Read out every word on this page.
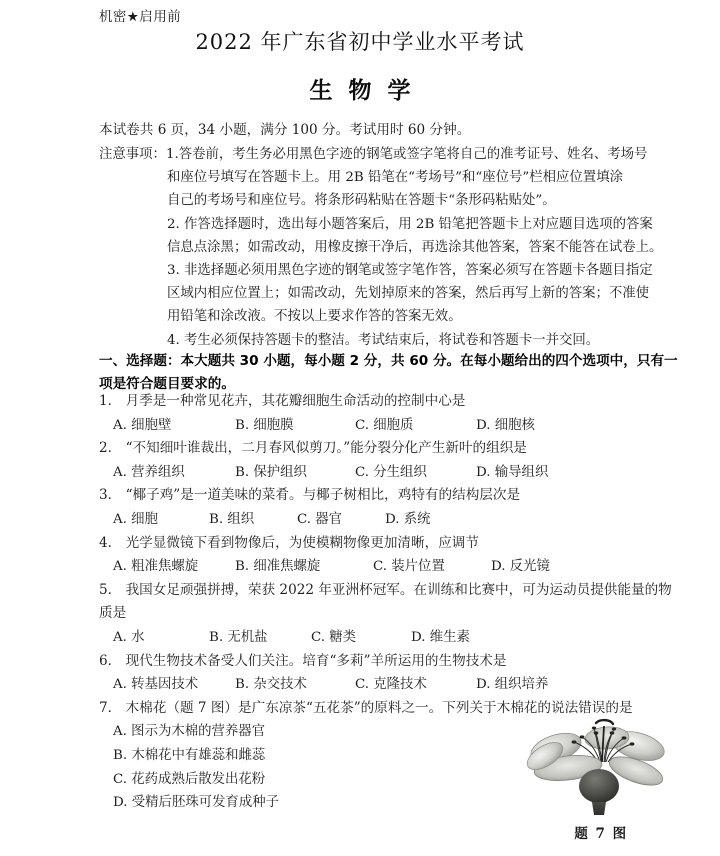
机密★启用前
2022 年广东省初中学业水平考试
生物学
本试卷共 6 页，34 小题，满分 100 分。考试用时 60 分钟。
注意事项：1. 答卷前，考生务必用黑色字迹的钢笔或签字笔将自己的准考证号、姓名、考场号
和座位号填写在答题卡上。用 2B 铅笔在“考场号”和“座位号”栏相应位置填涂
自己的考场号和座位号。将条形码粘贴在答题卡“条形码粘贴处”。
2. 作答选择题时，选出每小题答案后，用 2B 铅笔把答题卡上对应题目选项的答案
信息点涂黑；如需改动，用橡皮擦干净后，再选涂其他答案，答案不能答在试卷上。
3. 非选择题必须用黑色字迹的钢笔或签字笔作答，答案必须写在答题卡各题目指定
区域内相应位置上；如需改动，先划掉原来的答案，然后再写上新的答案；不准使
用铅笔和涂改液。不按以上要求作答的答案无效。
4. 考生必须保持答题卡的整洁。考试结束后，将试卷和答题卡一并交回。
一、选择题：本大题共 30 小题，每小题 2 分，共 60 分。在每小题给出的四个选项中，只有一
项是符合题目要求的。
1． 月季是一种常见花卉，其花瓣细胞生命活动的控制中心是
A. 细胞壁	B. 细胞膜	C. 细胞质	D. 细胞核
2． “不知细叶谁裁出，二月春风似剪刀。”能分裂分化产生新叶的组织是
A. 营养组织	B. 保护组织	C. 分生组织	D. 输导组织
3． “椰子鸡”是一道美味的菜肴。与椰子树相比，鸡特有的结构层次是
A. 细胞	B. 组织	C. 器官	D. 系统
4． 光学显微镜下看到物像后，为使模糊物像更加清晰，应调节
A. 粗准焦螺旋	B. 细准焦螺旋	C. 装片位置	D. 反光镜
5． 我国女足顽强拼搏，荣获 2022 年亚洲杯冠军。在训练和比赛中，可为运动员提供能量的物
质是
A. 水	B. 无机盐	C. 糖类	D. 维生素
6． 现代生物技术备受人们关注。培育“多莉”羊所运用的生物技术是
A. 转基因技术	B. 杂交技术	C. 克隆技术	D. 组织培养
7． 木棉花（题 7 图）是广东凉茶“五花茶”的原料之一。下列关于木棉花的说法错误的是
A. 图示为木棉的营养器官
B. 木棉花中有雄蕊和雌蕊
C. 花药成熟后散发出花粉
D. 受精后胚珠可发育成种子
题 7 图
